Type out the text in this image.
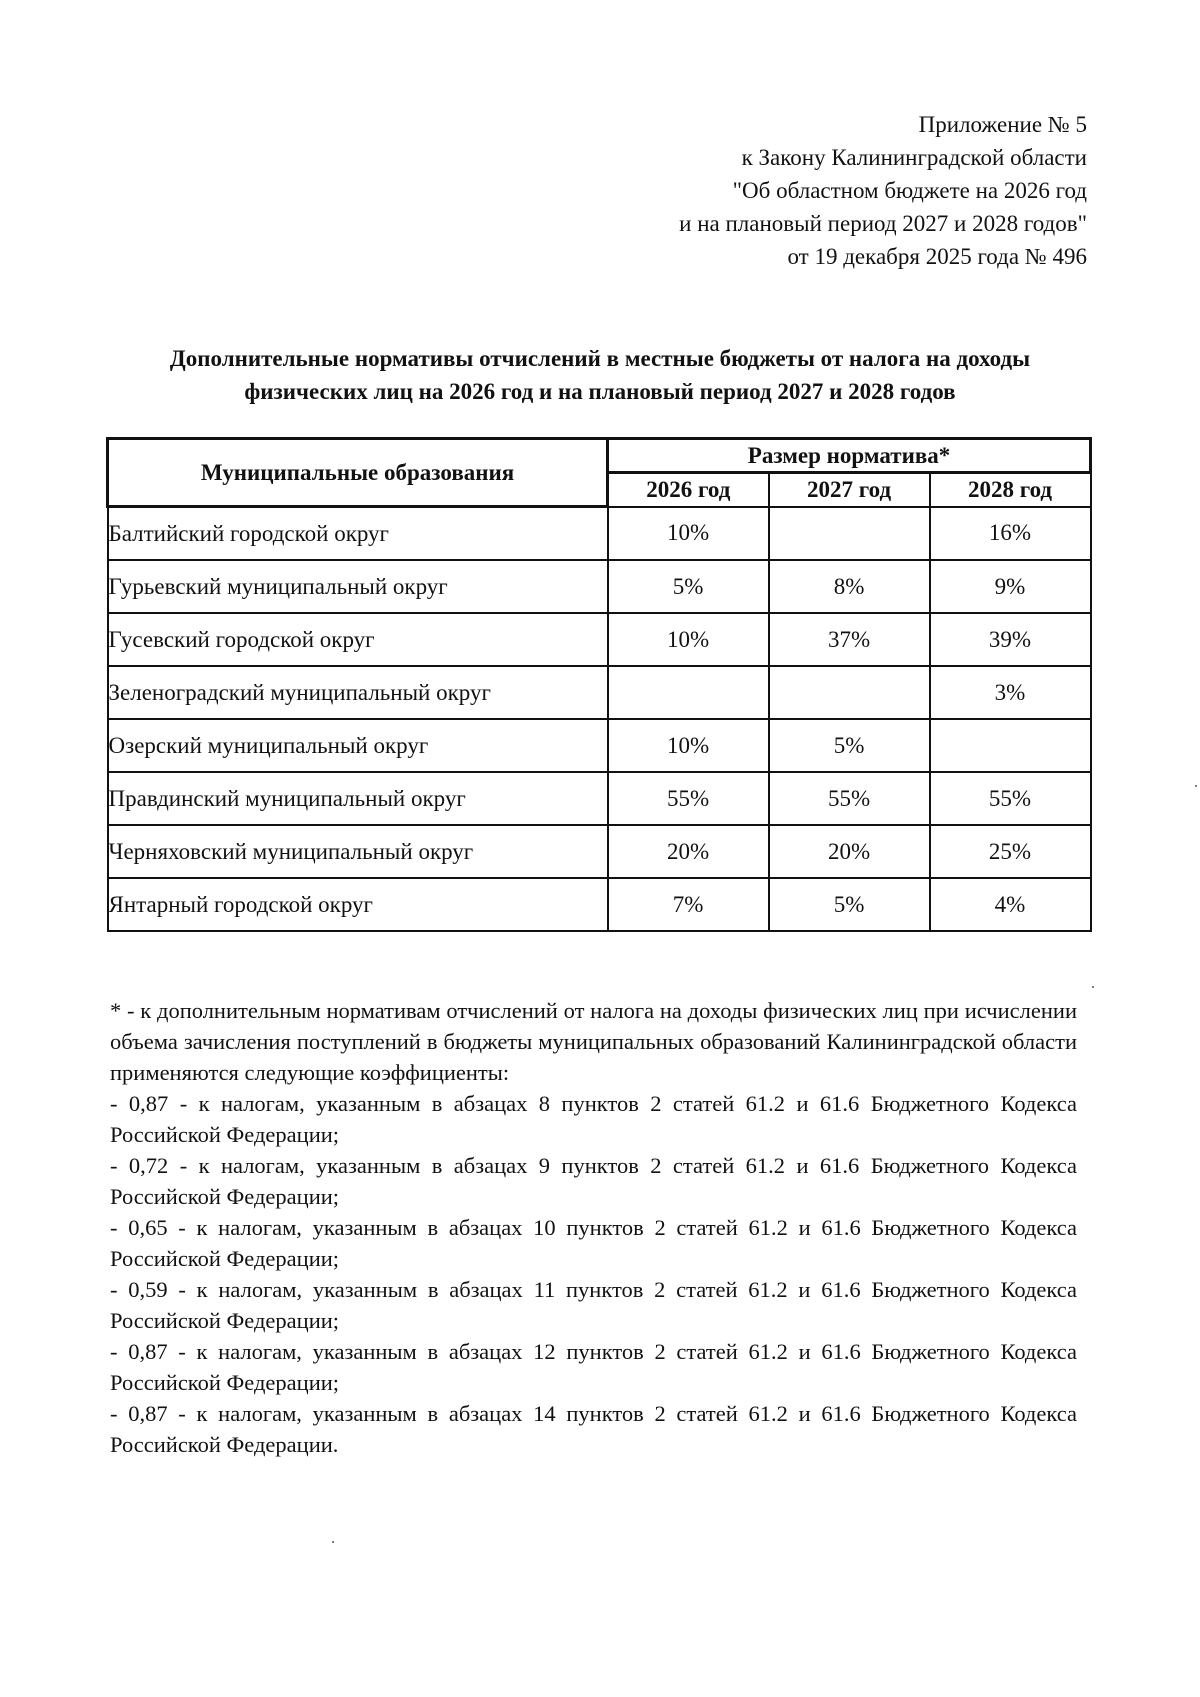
Приложение № 5
к Закону Калининградской области
"Об областном бюджете на 2026 год
и на плановый период 2027 и 2028 годов"
от 19 декабря 2025 года № 496
Дополнительные нормативы отчислений в местные бюджеты от налога на доходы
физических лиц на 2026 год и на плановый период 2027 и 2028 годов
Муниципальные образования	Размер норматива*		
	2026 год	2027 год	2028 год
Балтийский городской округ	10%		16%
Гурьевский муниципальный округ	5%	8%	9%
Гусевский городской округ	10%	37%	39%
Зеленоградский муниципальный округ			3%
Озерский муниципальный округ	10%	5%	
Правдинский муниципальный округ	55%	55%	55%
Черняховский муниципальный округ	20%	20%	25%
Янтарный городской округ	7%	5%	4%

* - к дополнительным нормативам отчислений от налога на доходы физических лиц при исчислении объема зачисления поступлений в бюджеты муниципальных образований Калининградской области применяются следующие коэффициенты:

- 0,87 - к налогам, указанным в абзацах 8 пунктов 2 статей 61.2 и 61.6 Бюджетного Кодекса Российской Федерации;

- 0,72 - к налогам, указанным в абзацах 9 пунктов 2 статей 61.2 и 61.6 Бюджетного Кодекса Российской Федерации;

- 0,65 - к налогам, указанным в абзацах 10 пунктов 2 статей 61.2 и 61.6 Бюджетного Кодекса Российской Федерации;

- 0,59 - к налогам, указанным в абзацах 11 пунктов 2 статей 61.2 и 61.6 Бюджетного Кодекса Российской Федерации;

- 0,87 - к налогам, указанным в абзацах 12 пунктов 2 статей 61.2 и 61.6 Бюджетного Кодекса Российской Федерации;

- 0,87 - к налогам, указанным в абзацах 14 пунктов 2 статей 61.2 и 61.6 Бюджетного Кодекса Российской Федерации.
